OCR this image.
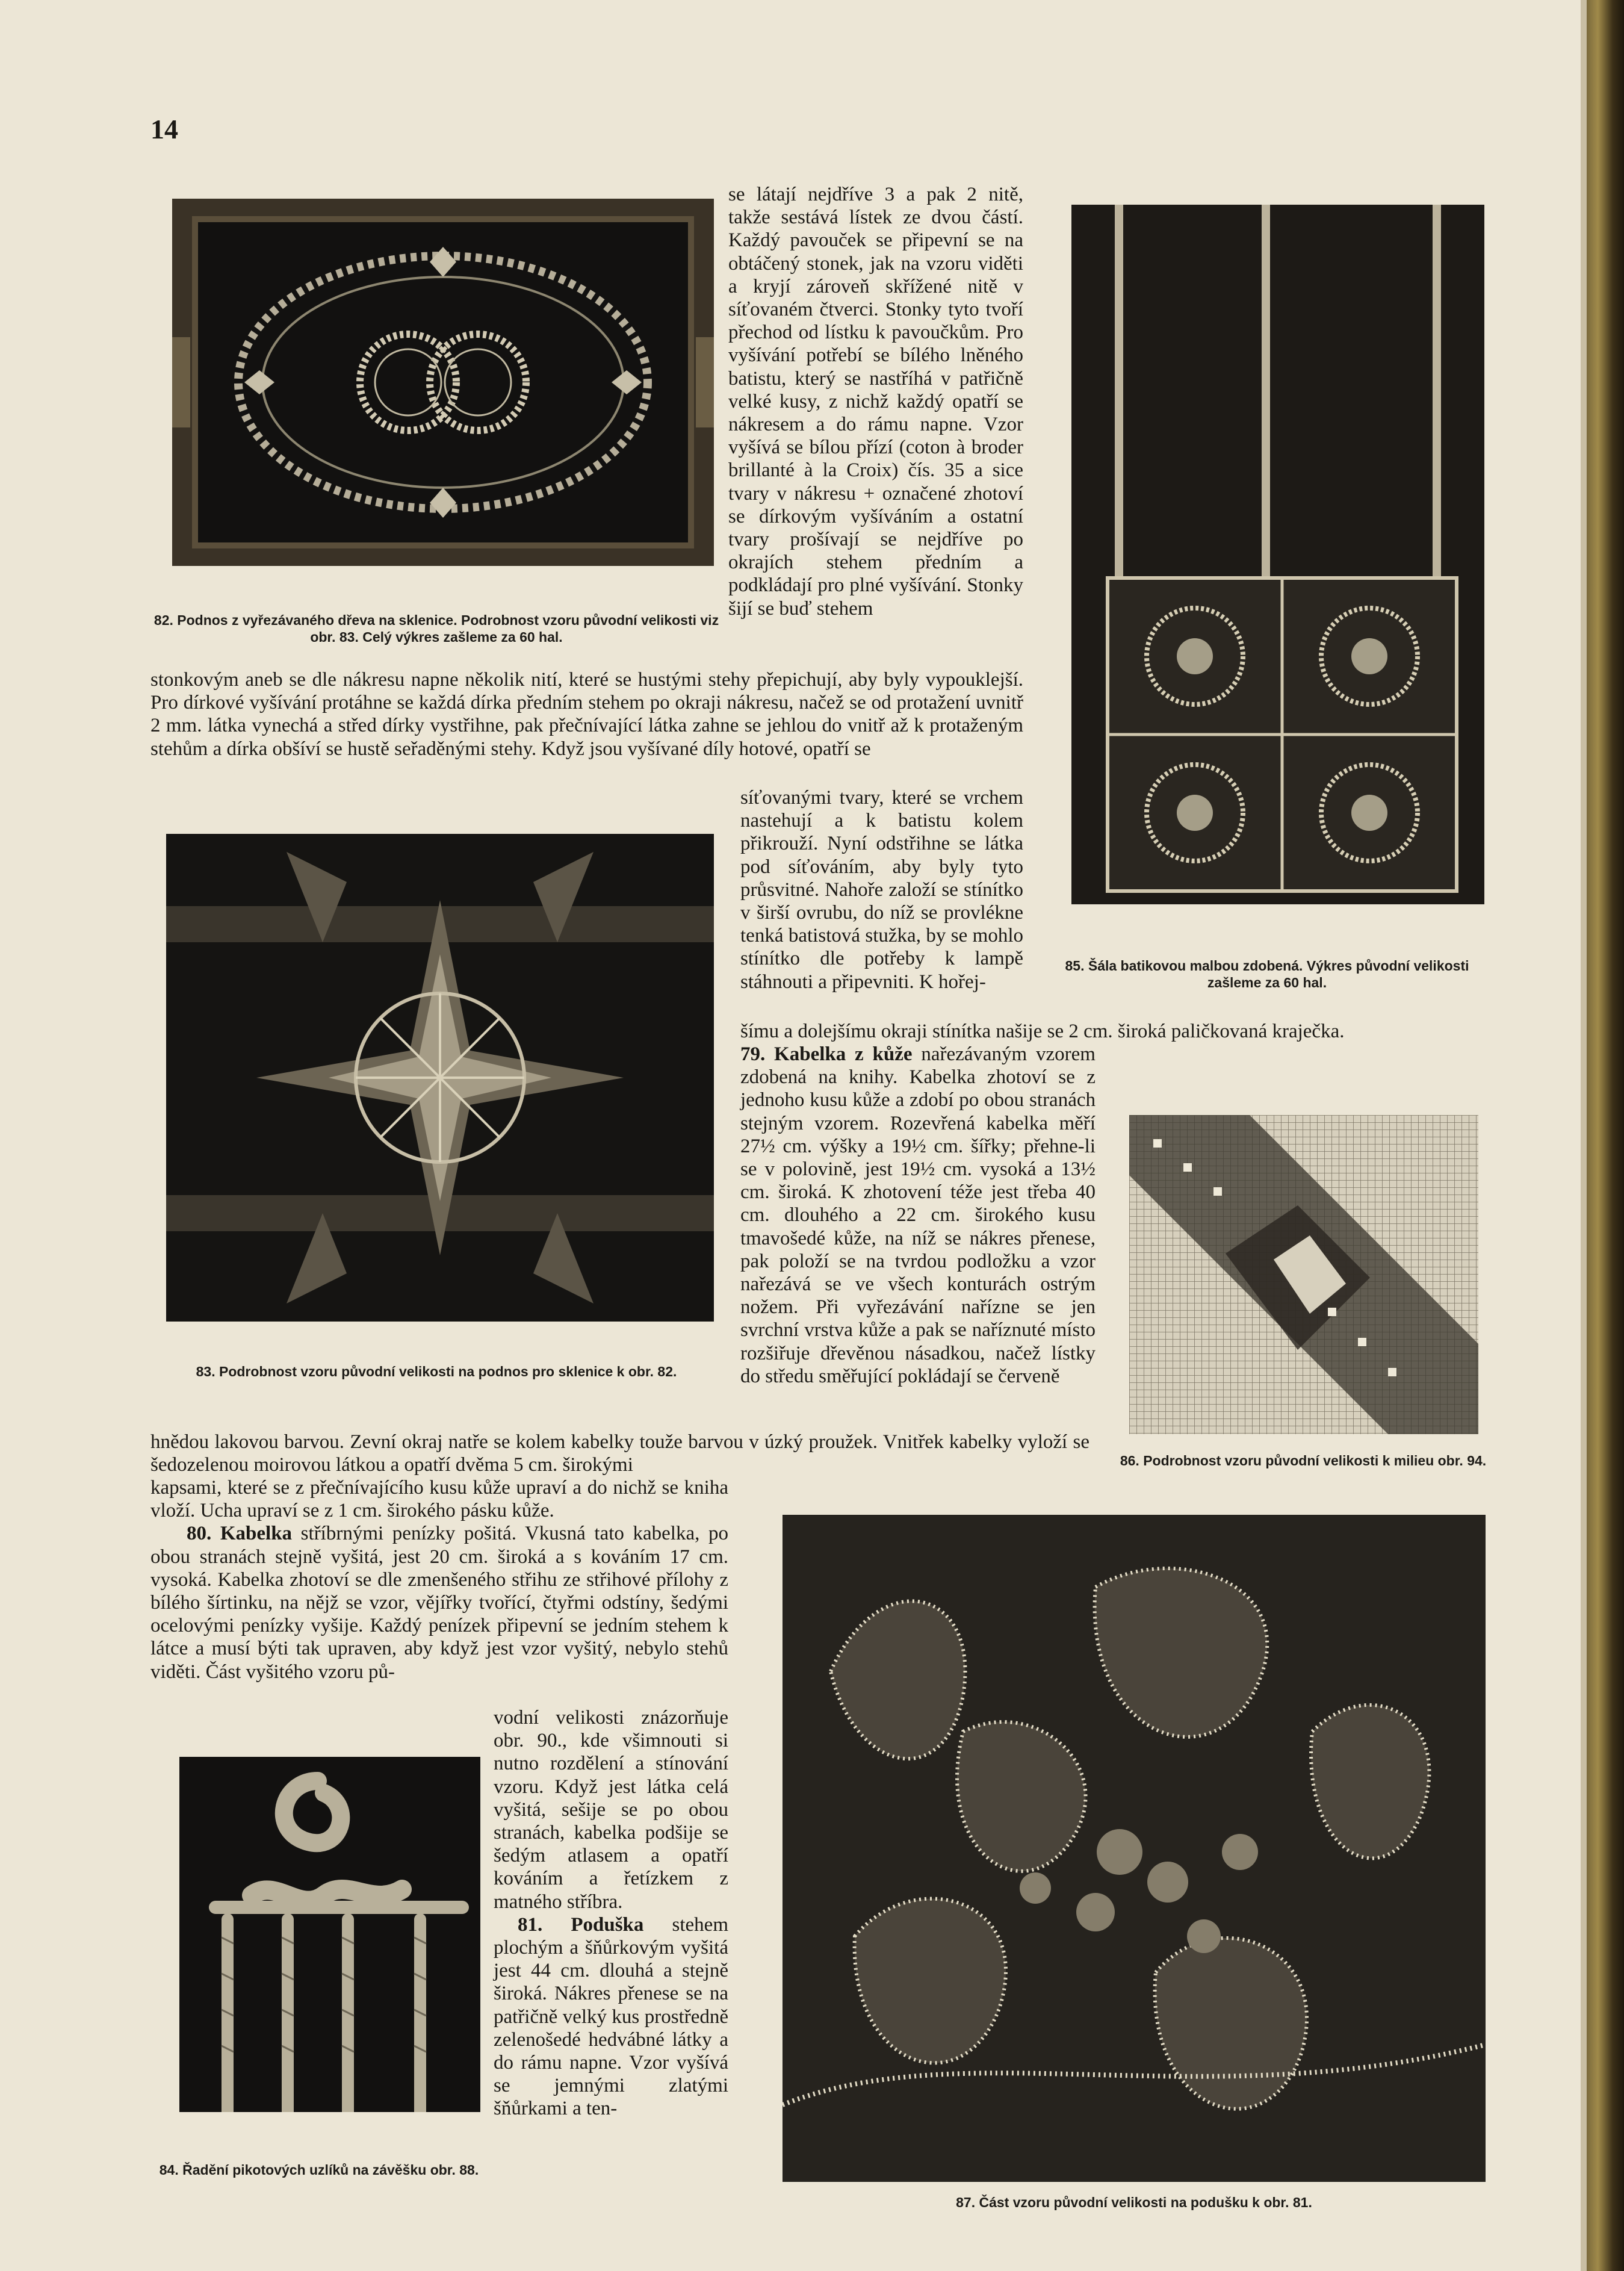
14
82. Podnos z vyřezávaného dřeva na sklenice. Podrobnost vzoru původní velikosti viz obr. 83. Celý výkres zašleme za 60 hal.

se látají nejdříve 3 a pak 2 nitě, takže sestává lístek ze dvou částí. Každý pavouček se připevní se na obtáčený stonek, jak na vzoru viděti a kryjí zároveň skřížené nitě v síťovaném čtverci. Stonky tyto tvoří přechod od lístku k pavoučkům. Pro vyšívání potřebí se bílého lněného batistu, který se nastříhá v patřičně velké kusy, z nichž každý opatří se nákresem a do rámu napne. Vzor vyšívá se bílou přízí (coton à broder brillanté à la Croix) čís. 35 a sice tvary v nákresu + označené zhotoví se dírkovým vyšíváním a ostatní tvary prošívají se nejdříve po okrajích stehem předním a podkládají pro plné vyšívání. Stonky šijí se buď stehem

85. Šála batikovou malbou zdobená. Výkres původní velikosti zašleme za 60 hal.

stonkovým aneb se dle nákresu napne několik nití, které se hustými stehy přepichují, aby byly vypouklejší. Pro dírkové vyšívání protáhne se každá dírka předním stehem po okraji nákresu, načež se od protažení uvnitř 2 mm. látka vynechá a střed dírky vystřihne, pak přečnívající látka zahne se jehlou do vnitř až k protaženým stehům a dírka obšíví se hustě seřaděnými stehy. Když jsou vyšívané díly hotové, opatří se

83. Podrobnost vzoru původní velikosti na podnos pro sklenice k obr. 82.

síťovanými tvary, které se vrchem nastehují a k batistu kolem přikrouží. Nyní odstřihne se látka pod síťováním, aby byly tyto průsvitné. Nahoře založí se stínítko v širší ovrubu, do níž se provlékne tenká batistová stužka, by se mohlo stínítko dle potřeby k lampě stáhnouti a připevniti. K hořej-

šímu a dolejšímu okraji stínítka našije se 2 cm. široká paličkovaná kraječka.

79. Kabelka z kůže nařezávaným vzorem zdobená na knihy. Kabelka zhotoví se z jednoho kusu kůže a zdobí po obou stranách stejným vzorem. Rozevřená kabelka měří 27½ cm. výšky a 19½ cm. šířky; přehne-li se v polovině, jest 19½ cm. vysoká a 13½ cm. široká. K zhotovení téže jest třeba 40 cm. dlouhého a 22 cm. širokého kusu tmavošedé kůže, na níž se nákres přenese, pak položí se na tvrdou podložku a vzor nařezává se ve všech konturách ostrým nožem. Při vyřezávání nařízne se jen svrchní vrstva kůže a pak se naříznuté místo rozšiřuje dřevěnou násadkou, načež lístky do středu směřující pokládají se červeně

86. Podrobnost vzoru původní velikosti k milieu obr. 94.

hnědou lakovou barvou. Zevní okraj natře se kolem kabelky touže barvou v úzký proužek. Vnitřek kabelky vyloží se šedozelenou moirovou látkou a opatří dvěma 5 cm. širokými

kapsami, které se z přečnívajícího kusu kůže upraví a do nichž se kniha vloží. Ucha upraví se z 1 cm. širokého pásku kůže.

80. Kabelka stříbrnými penízky pošitá. Vkusná tato kabelka, po obou stranách stejně vyšitá, jest 20 cm. široká a s kováním 17 cm. vysoká. Kabelka zhotoví se dle zmenšeného střihu ze střihové přílohy z bílého šírtinku, na nějž se vzor, vějířky tvořící, čtyřmi odstíny, šedými ocelovými penízky vyšije. Každý penízek připevní se jedním stehem k látce a musí býti tak upraven, aby když jest vzor vyšitý, nebylo stehů viděti. Část vyšitého vzoru pů-

84. Řadění pikotových uzlíků na závěšku obr. 88.

vodní velikosti znázorňuje obr. 90., kde všimnouti si nutno rozdělení a stínování vzoru. Když jest látka celá vyšitá, sešije se po obou stranách, kabelka podšije se šedým atlasem a opatří kováním a řetízkem z matného stříbra.

81. Poduška stehem plochým a šňůrkovým vyšitá jest 44 cm. dlouhá a stejně široká. Nákres přenese se na patřičně velký kus prostředně zelenošedé hedvábné látky a do rámu napne. Vzor vyšívá se jemnými zlatými šňůrkami a ten-

87. Část vzoru původní velikosti na podušku k obr. 81.
